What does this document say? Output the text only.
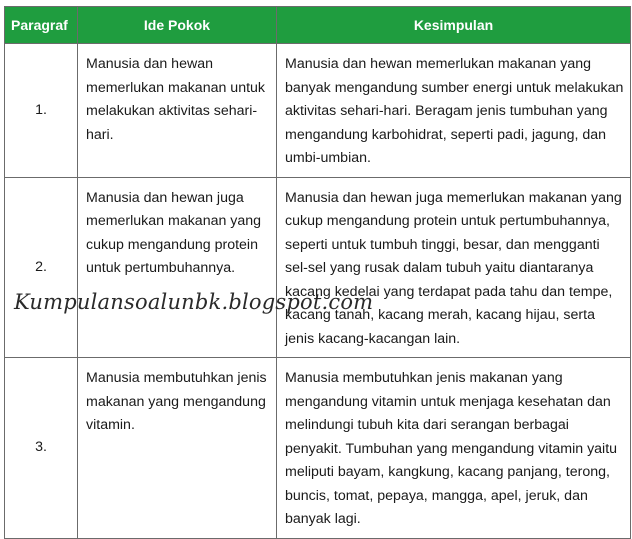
Paragraf	Ide Pokok	Kesimpulan
1.	Manusia dan hewan memerlukan makanan untuk melakukan aktivitas sehari-hari.	Manusia dan hewan memerlukan makanan yang banyak mengandung sumber energi untuk melakukan aktivitas sehari-hari. Beragam jenis tumbuhan yang mengandung karbohidrat, seperti padi, jagung, dan umbi-umbian.
2.	Manusia dan hewan juga memerlukan makanan yang cukup mengandung protein untuk pertumbuhannya.	Manusia dan hewan juga memerlukan makanan yang cukup mengandung protein untuk pertumbuhannya, seperti untuk tumbuh tinggi, besar, dan mengganti sel-sel yang rusak dalam tubuh yaitu diantaranya kacang kedelai yang terdapat pada tahu dan tempe, kacang tanah, kacang merah, kacang hijau, serta jenis kacang-kacangan lain.
3.	Manusia membutuhkan jenis makanan yang mengandung vitamin.	Manusia membutuhkan jenis makanan yang mengandung vitamin untuk menjaga kesehatan dan melindungi tubuh kita dari serangan berbagai penyakit. Tumbuhan yang mengandung vitamin yaitu meliputi bayam, kangkung, kacang panjang, terong, buncis, tomat, pepaya, mangga, apel, jeruk, dan banyak lagi.
Kumpulansoalunbk.blogspot.com
